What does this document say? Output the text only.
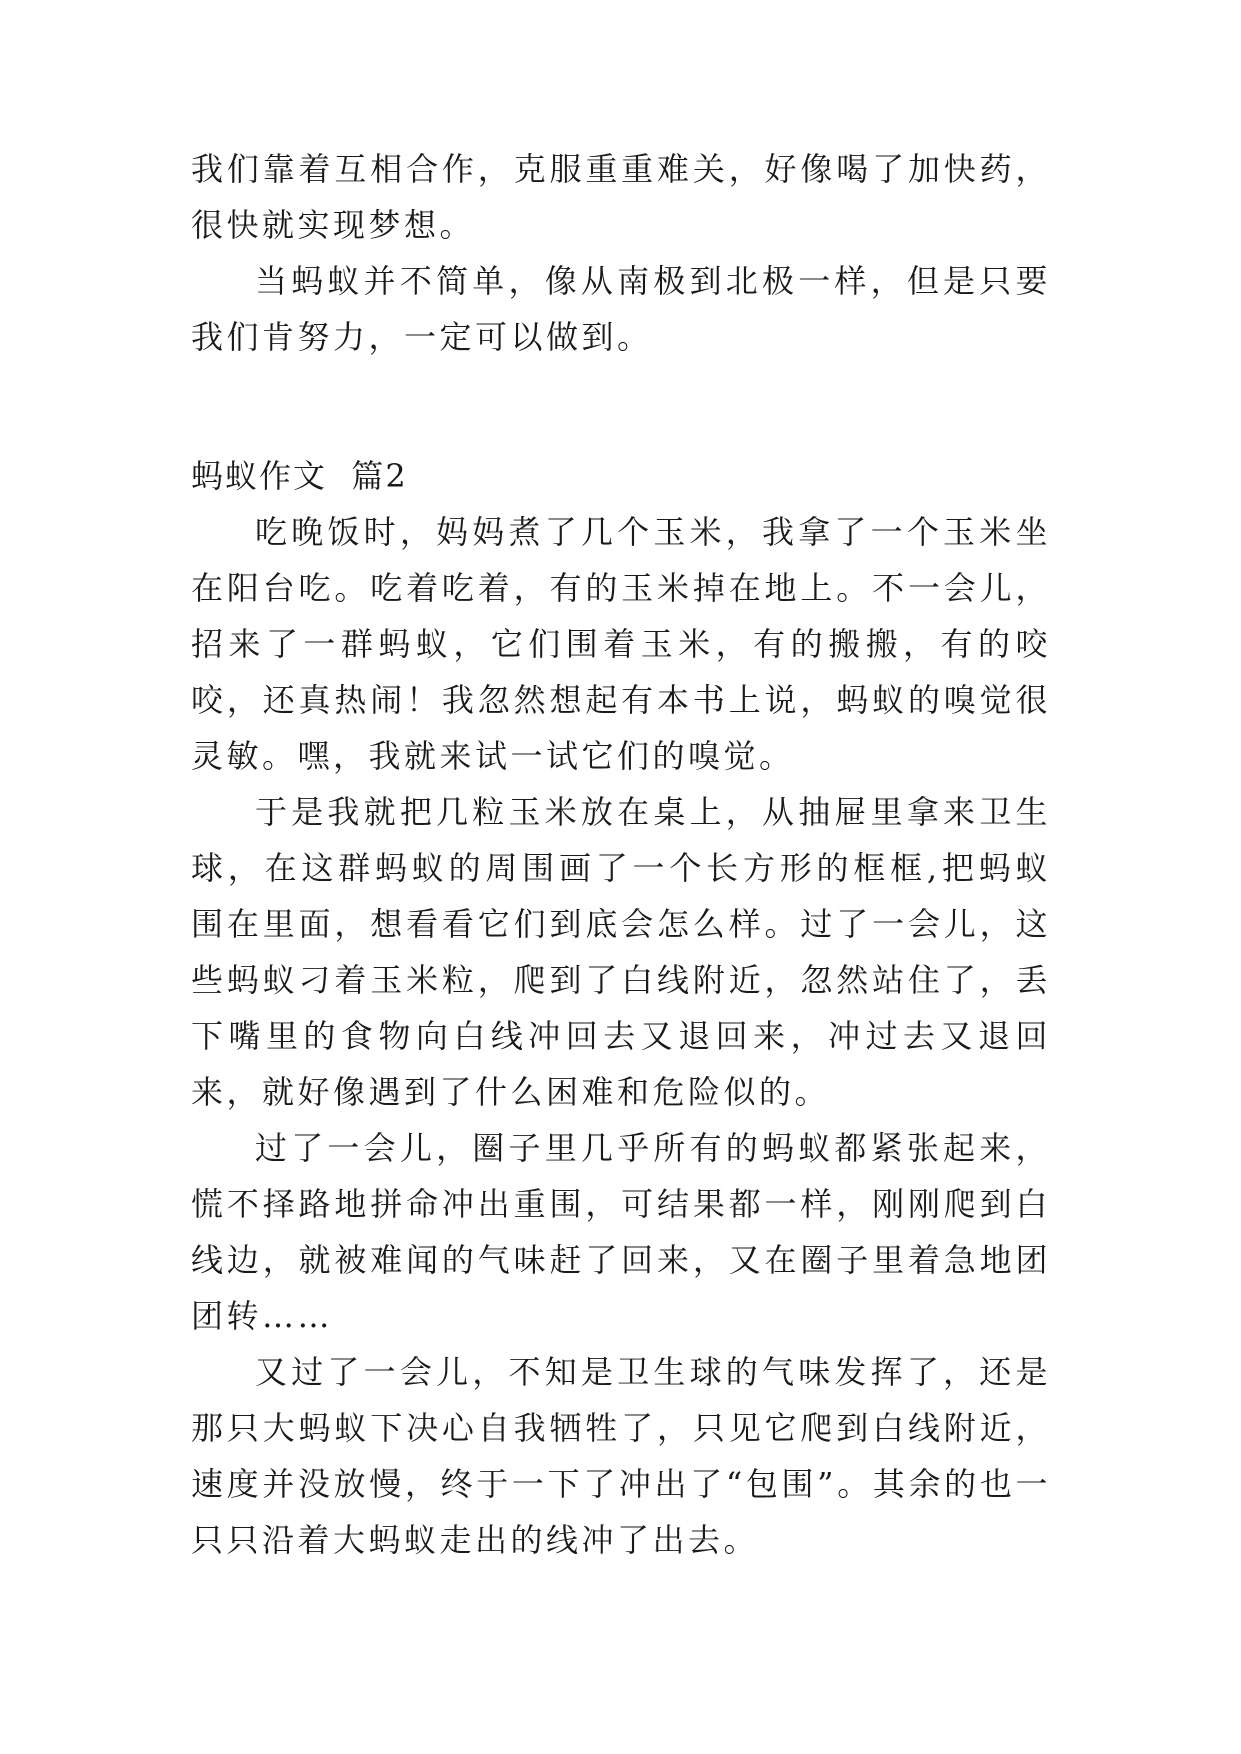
我们靠着互相合作，克服重重难关，好像喝了加快药，很快就实现梦想。

当蚂蚁并不简单，像从南极到北极一样，但是只要我们肯努力，一定可以做到。

蚂蚁作文  篇2

吃晚饭时，妈妈煮了几个玉米，我拿了一个玉米坐在阳台吃。吃着吃着，有的玉米掉在地上。不一会儿，招来了一群蚂蚁，它们围着玉米，有的搬搬，有的咬咬，还真热闹！我忽然想起有本书上说，蚂蚁的嗅觉很灵敏。嘿，我就来试一试它们的嗅觉。

于是我就把几粒玉米放在桌上，从抽屉里拿来卫生球，在这群蚂蚁的周围画了一个长方形的框框,把蚂蚁围在里面，想看看它们到底会怎么样。过了一会儿，这些蚂蚁刁着玉米粒，爬到了白线附近，忽然站住了，丢下嘴里的食物向白线冲回去又退回来，冲过去又退回来，就好像遇到了什么困难和危险似的。

过了一会儿，圈子里几乎所有的蚂蚁都紧张起来，慌不择路地拼命冲出重围，可结果都一样，刚刚爬到白线边，就被难闻的气味赶了回来，又在圈子里着急地团团转……

又过了一会儿，不知是卫生球的气味发挥了，还是那只大蚂蚁下决心自我牺牲了，只见它爬到白线附近，速度并没放慢，终于一下了冲出了“包围”。其余的也一只只沿着大蚂蚁走出的线冲了出去。
